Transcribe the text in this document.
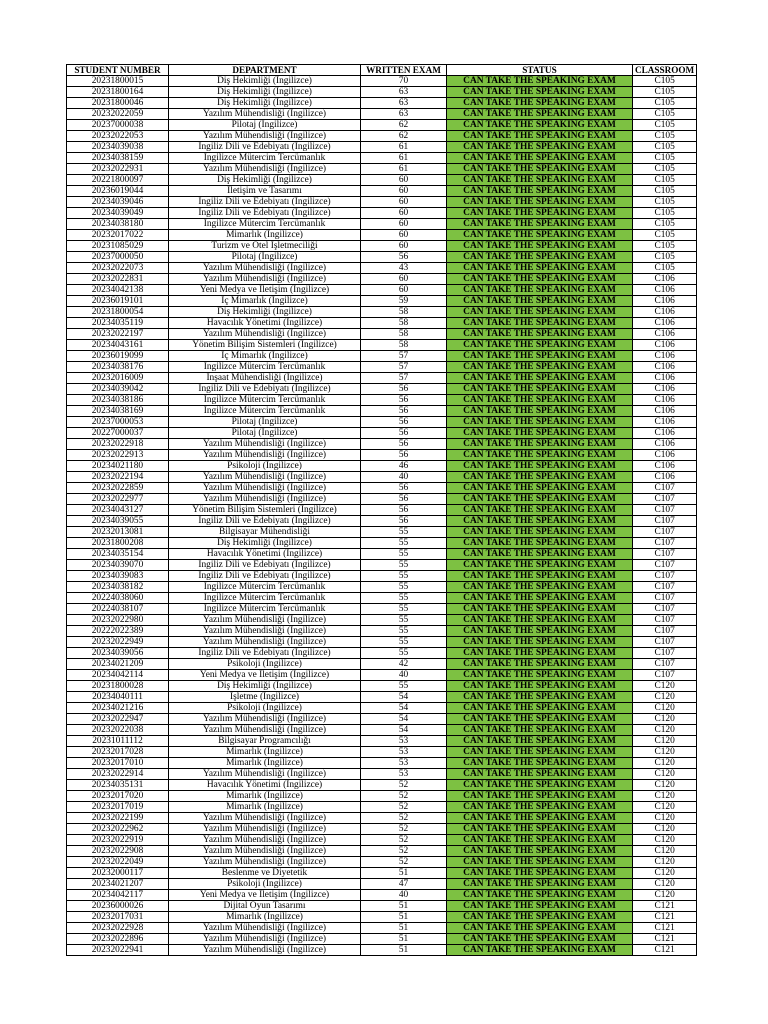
STUDENT NUMBER	DEPARTMENT	WRITTEN EXAM	STATUS	CLASSROOM
20231800015	Diş Hekimliği (İngilizce)	70	CAN TAKE THE SPEAKING EXAM	C105
20231800164	Diş Hekimliği (İngilizce)	63	CAN TAKE THE SPEAKING EXAM	C105
20231800046	Diş Hekimliği (İngilizce)	63	CAN TAKE THE SPEAKING EXAM	C105
20232022059	Yazılım Mühendisliği (İngilizce)	63	CAN TAKE THE SPEAKING EXAM	C105
20237000038	Pilotaj (İngilizce)	62	CAN TAKE THE SPEAKING EXAM	C105
20232022053	Yazılım Mühendisliği (İngilizce)	62	CAN TAKE THE SPEAKING EXAM	C105
20234039038	İngiliz Dili ve Edebiyatı (İngilizce)	61	CAN TAKE THE SPEAKING EXAM	C105
20234038159	İngilizce Mütercim Tercümanlık	61	CAN TAKE THE SPEAKING EXAM	C105
20232022931	Yazılım Mühendisliği (İngilizce)	61	CAN TAKE THE SPEAKING EXAM	C105
20221800097	Diş Hekimliği (İngilizce)	60	CAN TAKE THE SPEAKING EXAM	C105
20236019044	İletişim ve Tasarımı	60	CAN TAKE THE SPEAKING EXAM	C105
20234039046	İngiliz Dili ve Edebiyatı (İngilizce)	60	CAN TAKE THE SPEAKING EXAM	C105
20234039049	İngiliz Dili ve Edebiyatı (İngilizce)	60	CAN TAKE THE SPEAKING EXAM	C105
20234038180	İngilizce Mütercim Tercümanlık	60	CAN TAKE THE SPEAKING EXAM	C105
20232017022	Mimarlık (İngilizce)	60	CAN TAKE THE SPEAKING EXAM	C105
20231085029	Turizm ve Otel İşletmeciliği	60	CAN TAKE THE SPEAKING EXAM	C105
20237000050	Pilotaj (İngilizce)	56	CAN TAKE THE SPEAKING EXAM	C105
20232022073	Yazılım Mühendisliği (İngilizce)	43	CAN TAKE THE SPEAKING EXAM	C105
20232022831	Yazılım Mühendisliği (İngilizce)	60	CAN TAKE THE SPEAKING EXAM	C106
20234042138	Yeni Medya ve İletişim (İngilizce)	60	CAN TAKE THE SPEAKING EXAM	C106
20236019101	İç Mimarlık (İngilizce)	59	CAN TAKE THE SPEAKING EXAM	C106
20231800054	Diş Hekimliği (İngilizce)	58	CAN TAKE THE SPEAKING EXAM	C106
20234035119	Havacılık Yönetimi (İngilizce)	58	CAN TAKE THE SPEAKING EXAM	C106
20232022197	Yazılım Mühendisliği (İngilizce)	58	CAN TAKE THE SPEAKING EXAM	C106
20234043161	Yönetim Bilişim Sistemleri (İngilizce)	58	CAN TAKE THE SPEAKING EXAM	C106
20236019099	İç Mimarlık (İngilizce)	57	CAN TAKE THE SPEAKING EXAM	C106
20234038176	İngilizce Mütercim Tercümanlık	57	CAN TAKE THE SPEAKING EXAM	C106
20232016009	İnşaat Mühendisliği (İngilizce)	57	CAN TAKE THE SPEAKING EXAM	C106
20234039042	İngiliz Dili ve Edebiyatı (İngilizce)	56	CAN TAKE THE SPEAKING EXAM	C106
20234038186	İngilizce Mütercim Tercümanlık	56	CAN TAKE THE SPEAKING EXAM	C106
20234038169	İngilizce Mütercim Tercümanlık	56	CAN TAKE THE SPEAKING EXAM	C106
20237000053	Pilotaj (İngilizce)	56	CAN TAKE THE SPEAKING EXAM	C106
20227000037	Pilotaj (İngilizce)	56	CAN TAKE THE SPEAKING EXAM	C106
20232022918	Yazılım Mühendisliği (İngilizce)	56	CAN TAKE THE SPEAKING EXAM	C106
20232022913	Yazılım Mühendisliği (İngilizce)	56	CAN TAKE THE SPEAKING EXAM	C106
20234021180	Psikoloji (İngilizce)	46	CAN TAKE THE SPEAKING EXAM	C106
20232022194	Yazılım Mühendisliği (İngilizce)	40	CAN TAKE THE SPEAKING EXAM	C106
20232022859	Yazılım Mühendisliği (İngilizce)	56	CAN TAKE THE SPEAKING EXAM	C107
20232022977	Yazılım Mühendisliği (İngilizce)	56	CAN TAKE THE SPEAKING EXAM	C107
20234043127	Yönetim Bilişim Sistemleri (İngilizce)	56	CAN TAKE THE SPEAKING EXAM	C107
20234039055	İngiliz Dili ve Edebiyatı (İngilizce)	56	CAN TAKE THE SPEAKING EXAM	C107
20232013081	Bilgisayar Mühendisliği	55	CAN TAKE THE SPEAKING EXAM	C107
20231800208	Diş Hekimliği (İngilizce)	55	CAN TAKE THE SPEAKING EXAM	C107
20234035154	Havacılık Yönetimi (İngilizce)	55	CAN TAKE THE SPEAKING EXAM	C107
20234039070	İngiliz Dili ve Edebiyatı (İngilizce)	55	CAN TAKE THE SPEAKING EXAM	C107
20234039083	İngiliz Dili ve Edebiyatı (İngilizce)	55	CAN TAKE THE SPEAKING EXAM	C107
20234038182	İngilizce Mütercim Tercümanlık	55	CAN TAKE THE SPEAKING EXAM	C107
20224038060	İngilizce Mütercim Tercümanlık	55	CAN TAKE THE SPEAKING EXAM	C107
20224038107	İngilizce Mütercim Tercümanlık	55	CAN TAKE THE SPEAKING EXAM	C107
20232022980	Yazılım Mühendisliği (İngilizce)	55	CAN TAKE THE SPEAKING EXAM	C107
20222022389	Yazılım Mühendisliği (İngilizce)	55	CAN TAKE THE SPEAKING EXAM	C107
20232022949	Yazılım Mühendisliği (İngilizce)	55	CAN TAKE THE SPEAKING EXAM	C107
20234039056	İngiliz Dili ve Edebiyatı (İngilizce)	55	CAN TAKE THE SPEAKING EXAM	C107
20234021209	Psikoloji (İngilizce)	42	CAN TAKE THE SPEAKING EXAM	C107
20234042114	Yeni Medya ve İletişim (İngilizce)	40	CAN TAKE THE SPEAKING EXAM	C107
20231800028	Diş Hekimliği (İngilizce)	55	CAN TAKE THE SPEAKING EXAM	C120
20234040111	İşletme (İngilizce)	54	CAN TAKE THE SPEAKING EXAM	C120
20234021216	Psikoloji (İngilizce)	54	CAN TAKE THE SPEAKING EXAM	C120
20232022947	Yazılım Mühendisliği (İngilizce)	54	CAN TAKE THE SPEAKING EXAM	C120
20232022038	Yazılım Mühendisliği (İngilizce)	54	CAN TAKE THE SPEAKING EXAM	C120
20231011112	Bilgisayar Programcılığı	53	CAN TAKE THE SPEAKING EXAM	C120
20232017028	Mimarlık (İngilizce)	53	CAN TAKE THE SPEAKING EXAM	C120
20232017010	Mimarlık (İngilizce)	53	CAN TAKE THE SPEAKING EXAM	C120
20232022914	Yazılım Mühendisliği (İngilizce)	53	CAN TAKE THE SPEAKING EXAM	C120
20234035131	Havacılık Yönetimi (İngilizce)	52	CAN TAKE THE SPEAKING EXAM	C120
20232017020	Mimarlık (İngilizce)	52	CAN TAKE THE SPEAKING EXAM	C120
20232017019	Mimarlık (İngilizce)	52	CAN TAKE THE SPEAKING EXAM	C120
20232022199	Yazılım Mühendisliği (İngilizce)	52	CAN TAKE THE SPEAKING EXAM	C120
20232022962	Yazılım Mühendisliği (İngilizce)	52	CAN TAKE THE SPEAKING EXAM	C120
20232022919	Yazılım Mühendisliği (İngilizce)	52	CAN TAKE THE SPEAKING EXAM	C120
20232022908	Yazılım Mühendisliği (İngilizce)	52	CAN TAKE THE SPEAKING EXAM	C120
20232022049	Yazılım Mühendisliği (İngilizce)	52	CAN TAKE THE SPEAKING EXAM	C120
20232000117	Beslenme ve Diyetetik	51	CAN TAKE THE SPEAKING EXAM	C120
20234021207	Psikoloji (İngilizce)	47	CAN TAKE THE SPEAKING EXAM	C120
20234042117	Yeni Medya ve İletişim (İngilizce)	40	CAN TAKE THE SPEAKING EXAM	C120
20236000026	Dijital Oyun Tasarımı	51	CAN TAKE THE SPEAKING EXAM	C121
20232017031	Mimarlık (İngilizce)	51	CAN TAKE THE SPEAKING EXAM	C121
20232022928	Yazılım Mühendisliği (İngilizce)	51	CAN TAKE THE SPEAKING EXAM	C121
20232022896	Yazılım Mühendisliği (İngilizce)	51	CAN TAKE THE SPEAKING EXAM	C121
20232022941	Yazılım Mühendisliği (İngilizce)	51	CAN TAKE THE SPEAKING EXAM	C121
